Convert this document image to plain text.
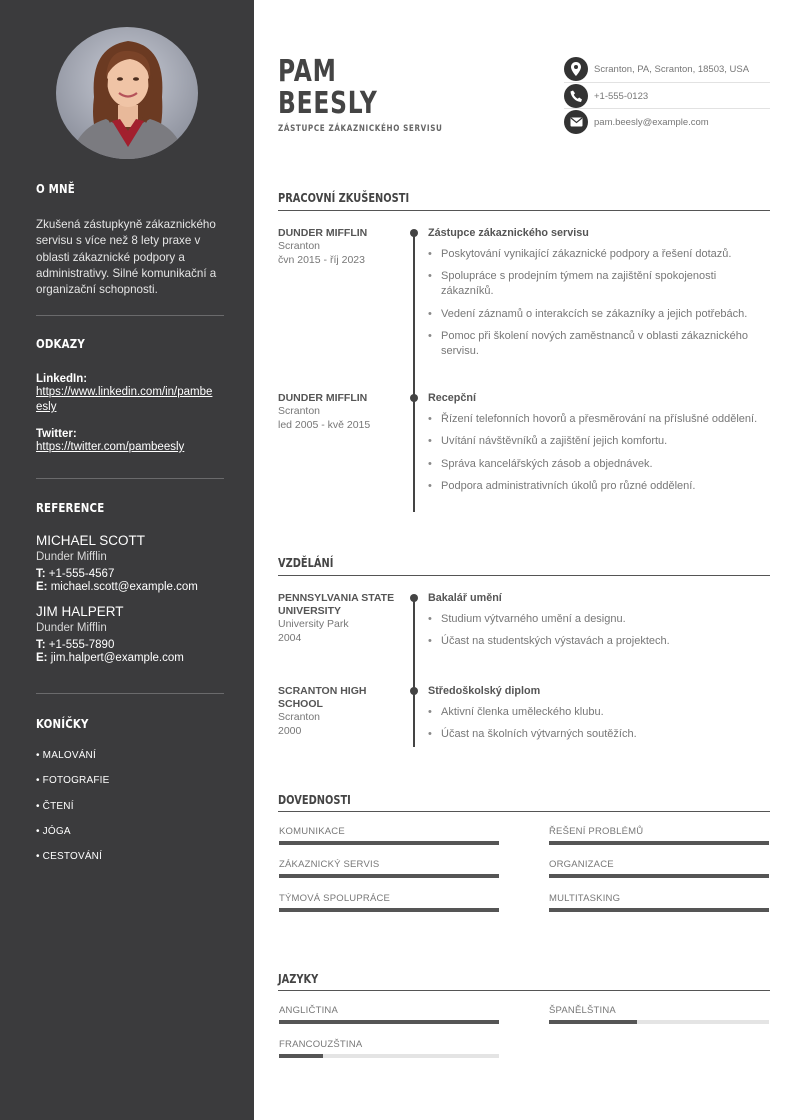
O MNĚ
Zkušená zástupkyně zákaznického servisu s více než 8 lety praxe v oblasti zákaznické podpory a administrativy. Silné komunikační a organizační schopnosti.
ODKAZY
LinkedIn:
https://www.linkedin.com/in/pambeesly
Twitter:
https://twitter.com/pambeesly
REFERENCE
MICHAEL SCOTT
Dunder Mifflin
T: +1-555-4567
E: michael.scott@example.com
JIM HALPERT
Dunder Mifflin
T: +1-555-7890
E: jim.halpert@example.com
KONÍČKY
• MALOVÁNÍ
• FOTOGRAFIE
• ČTENÍ
• JÓGA
• CESTOVÁNÍ
PAM
BEESLY
ZÁSTUPCE ZÁKAZNICKÉHO SERVISU
Scranton, PA, Scranton, 18503, USA
+1-555-0123
pam.beesly@example.com
PRACOVNÍ ZKUŠENOSTI
DUNDER MIFFLIN
Scranton
čvn 2015 - říj 2023
Zástupce zákaznického servisu
• Poskytování vynikající zákaznické podpory a řešení dotazů.
• Spolupráce s prodejním týmem na zajištění spokojenosti zákazníků.
• Vedení záznamů o interakcích se zákazníky a jejich potřebách.
• Pomoc při školení nových zaměstnanců v oblasti zákaznického servisu.
DUNDER MIFFLIN
Scranton
led 2005 - kvě 2015
Recepční
• Řízení telefonních hovorů a přesměrování na příslušné oddělení.
• Uvítání návštěvníků a zajištění jejich komfortu.
• Správa kancelářských zásob a objednávek.
• Podpora administrativních úkolů pro různé oddělení.
VZDĚLÁNÍ
PENNSYLVANIA STATE UNIVERSITY
University Park
2004
Bakalář umění
• Studium výtvarného umění a designu.
• Účast na studentských výstavách a projektech.
SCRANTON HIGH SCHOOL
Scranton
2000
Středoškolský diplom
• Aktivní členka uměleckého klubu.
• Účast na školních výtvarných soutěžích.
DOVEDNOSTI
KOMUNIKACE	ŘEŠENÍ PROBLÉMŮ
ZÁKAZNICKÝ SERVIS	ORGANIZACE
TÝMOVÁ SPOLUPRÁCE	MULTITASKING
JAZYKY
ANGLIČTINA	ŠPANĚLŠTINA
FRANCOUZŠTINA
